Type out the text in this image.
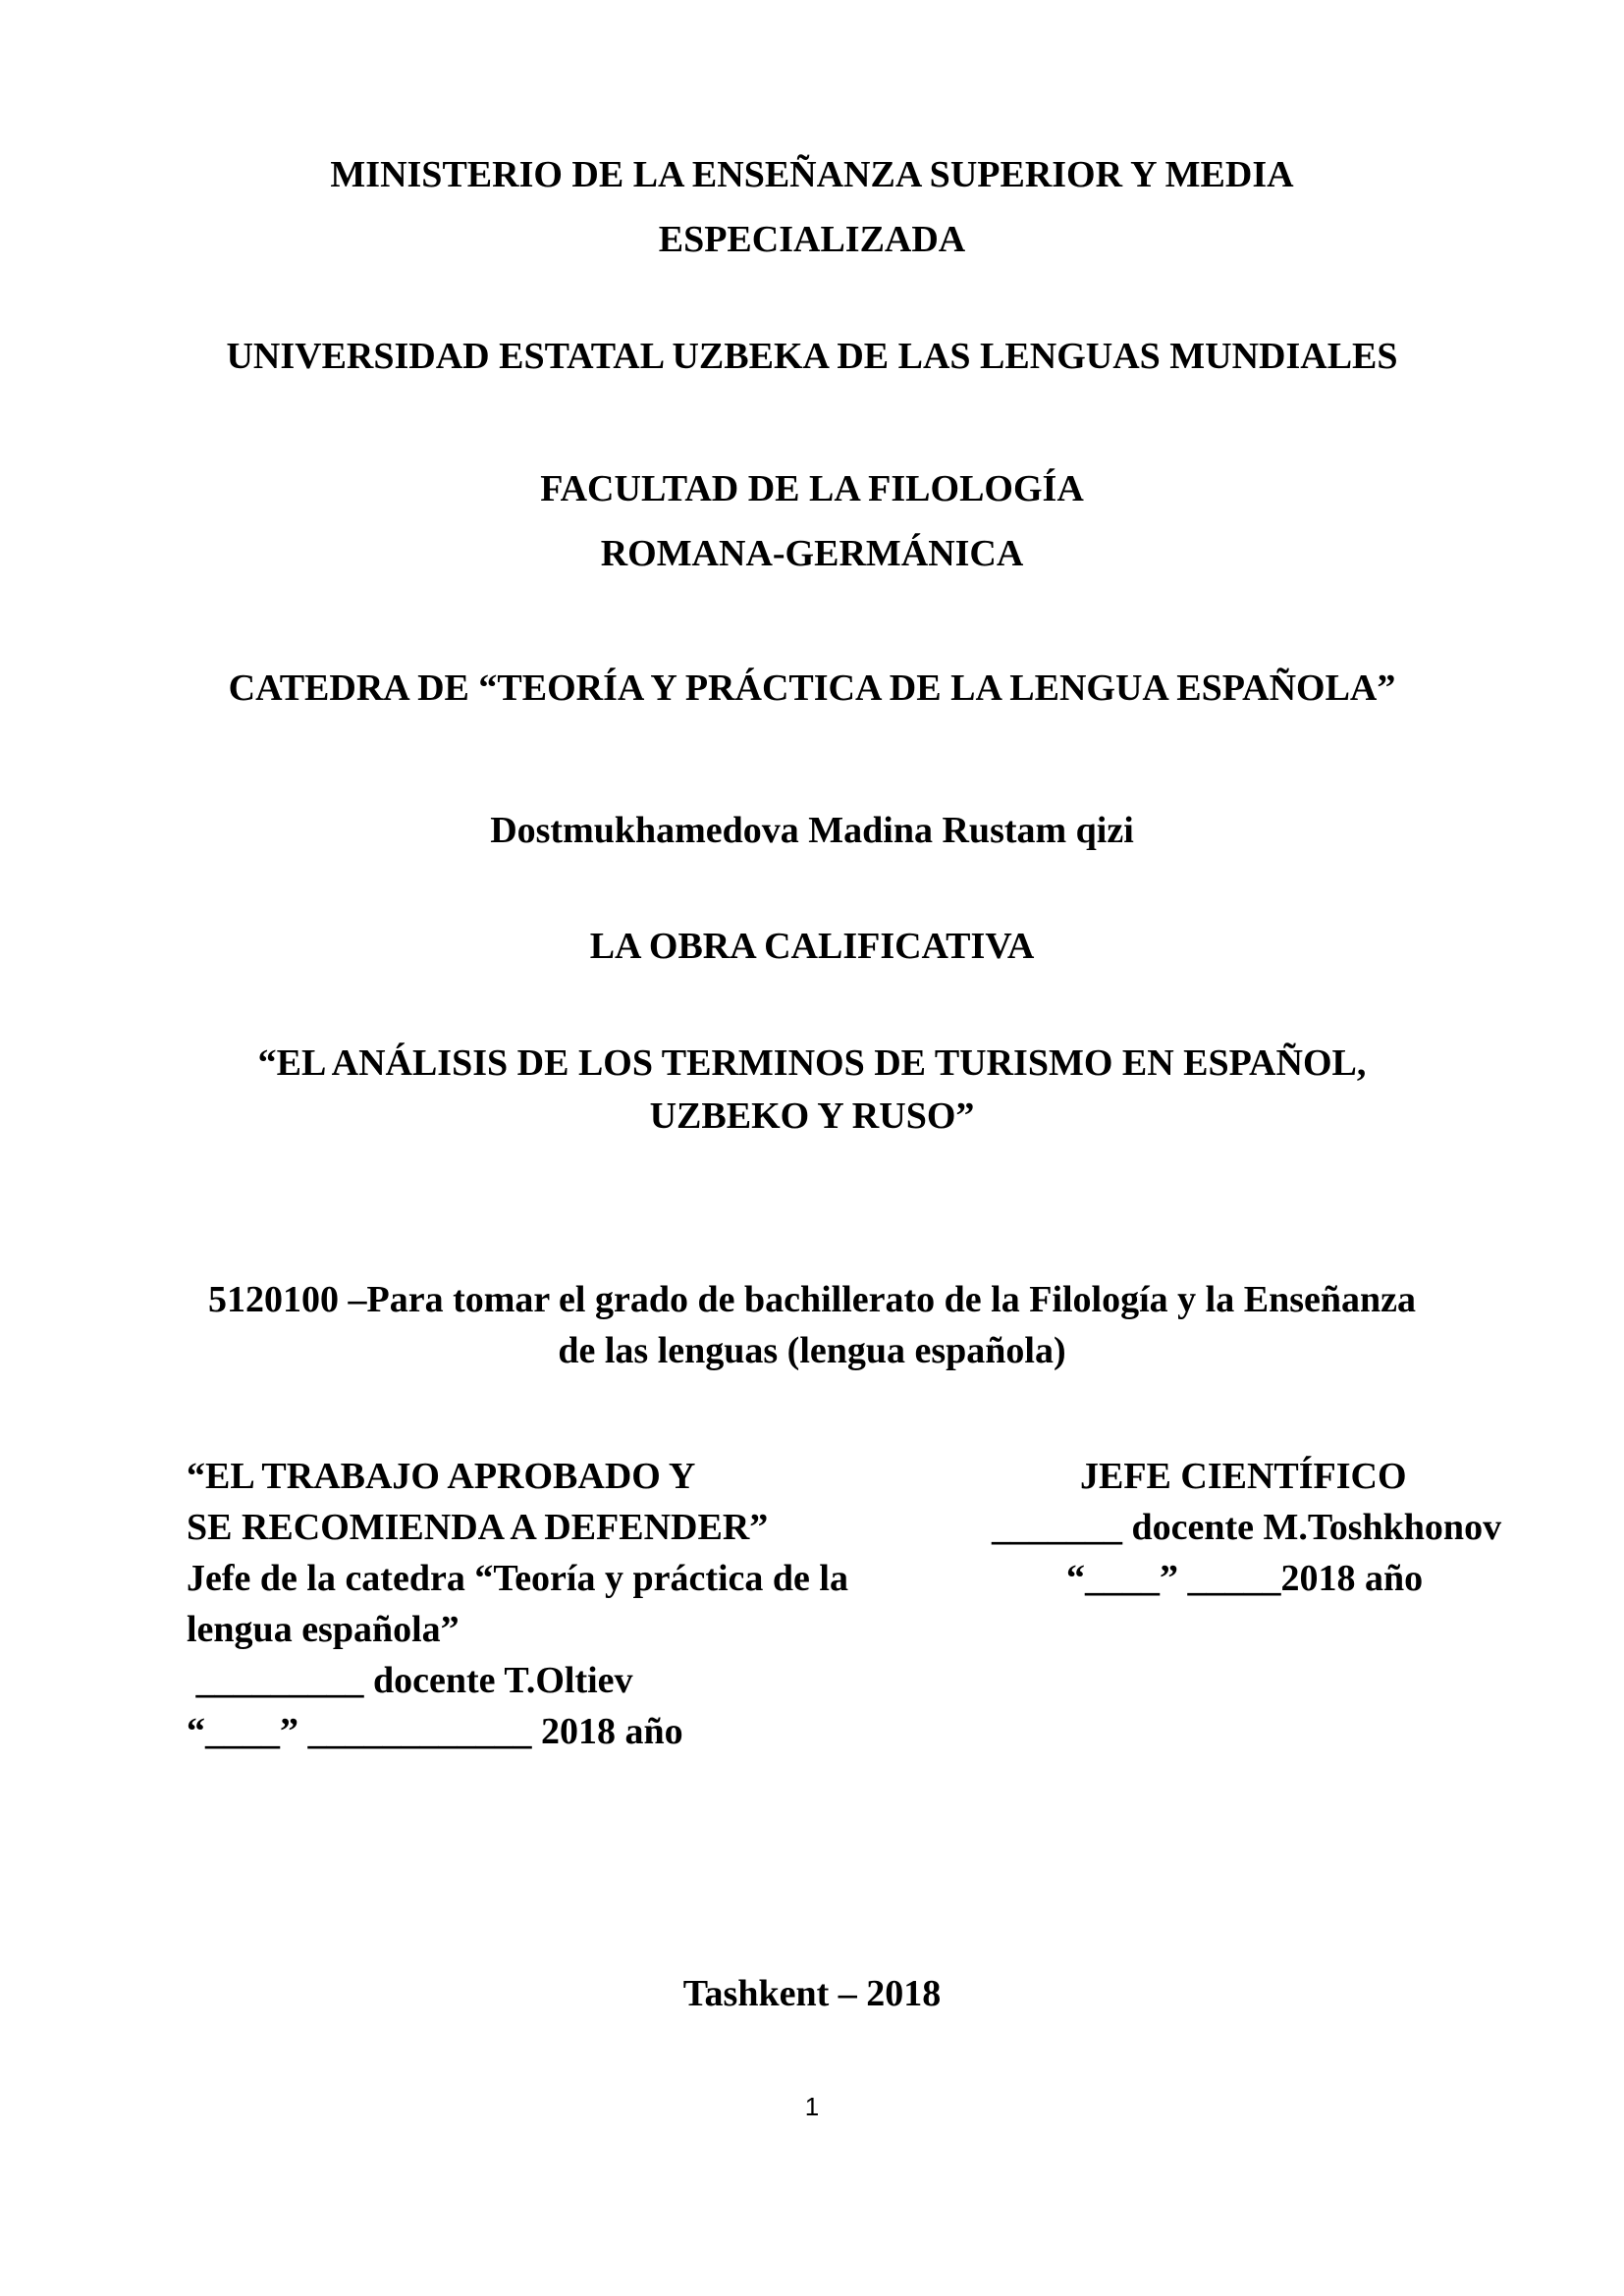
MINISTERIO DE LA ENSEÑANZA SUPERIOR Y MEDIA
ESPECIALIZADA
UNIVERSIDAD ESTATAL UZBEKA DE LAS LENGUAS MUNDIALES
FACULTAD DE LA FILOLOGÍA
ROMANA-GERMÁNICA
CATEDRA DE “TEORÍA Y PRÁCTICA DE LA LENGUA ESPAÑOLA”
Dostmukhamedova Madina Rustam qizi
LA OBRA CALIFICATIVA
“EL ANÁLISIS DE LOS TERMINOS DE TURISMO EN ESPAÑOL,
UZBEKO Y RUSO”
5120100 –Para tomar el grado de bachillerato de la Filología y la Enseñanza
de las lenguas (lengua española)
“EL TRABAJO APROBADO Y
SE RECOMIENDA A DEFENDER”
Jefe de la catedra “Teoría y práctica de la
lengua española”
_________ docente T.Oltiev
“____” ____________ 2018 año
JEFE CIENTÍFICO
_______ docente M.Toshkhonov
“____” _____2018 año
Tashkent – 2018
1
